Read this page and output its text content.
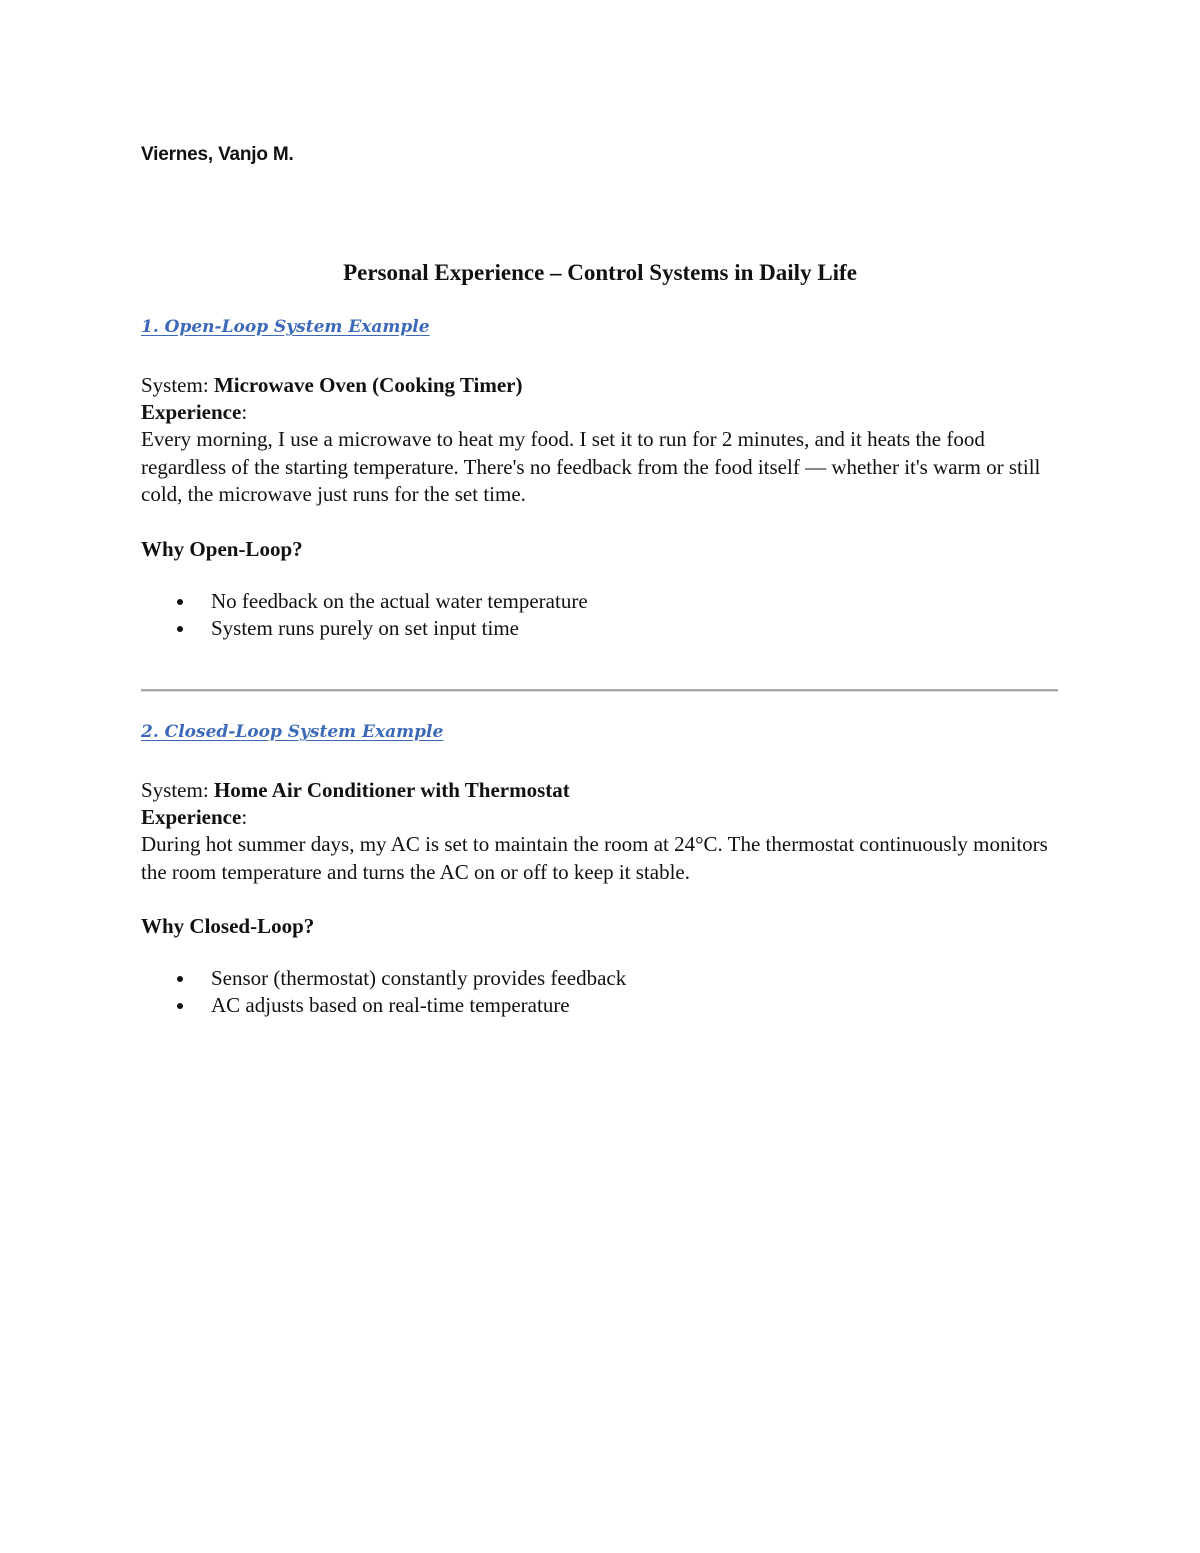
Viernes, Vanjo M.

Personal Experience – Control Systems in Daily Life
1. Open-Loop System Example

System: Microwave Oven (Cooking Timer)

Experience:

Every morning, I use a microwave to heat my food. I set it to run for 2 minutes, and it heats the food regardless of the starting temperature. There's no feedback from the food itself — whether it's warm or still cold, the microwave just runs for the set time.

Why Open-Loop?

No feedback on the actual water temperature
System runs purely on set input time
2. Closed-Loop System Example

System: Home Air Conditioner with Thermostat

Experience:

During hot summer days, my AC is set to maintain the room at 24°C. The thermostat continuously monitors the room temperature and turns the AC on or off to keep it stable.

Why Closed-Loop?

Sensor (thermostat) constantly provides feedback
AC adjusts based on real-time temperature
